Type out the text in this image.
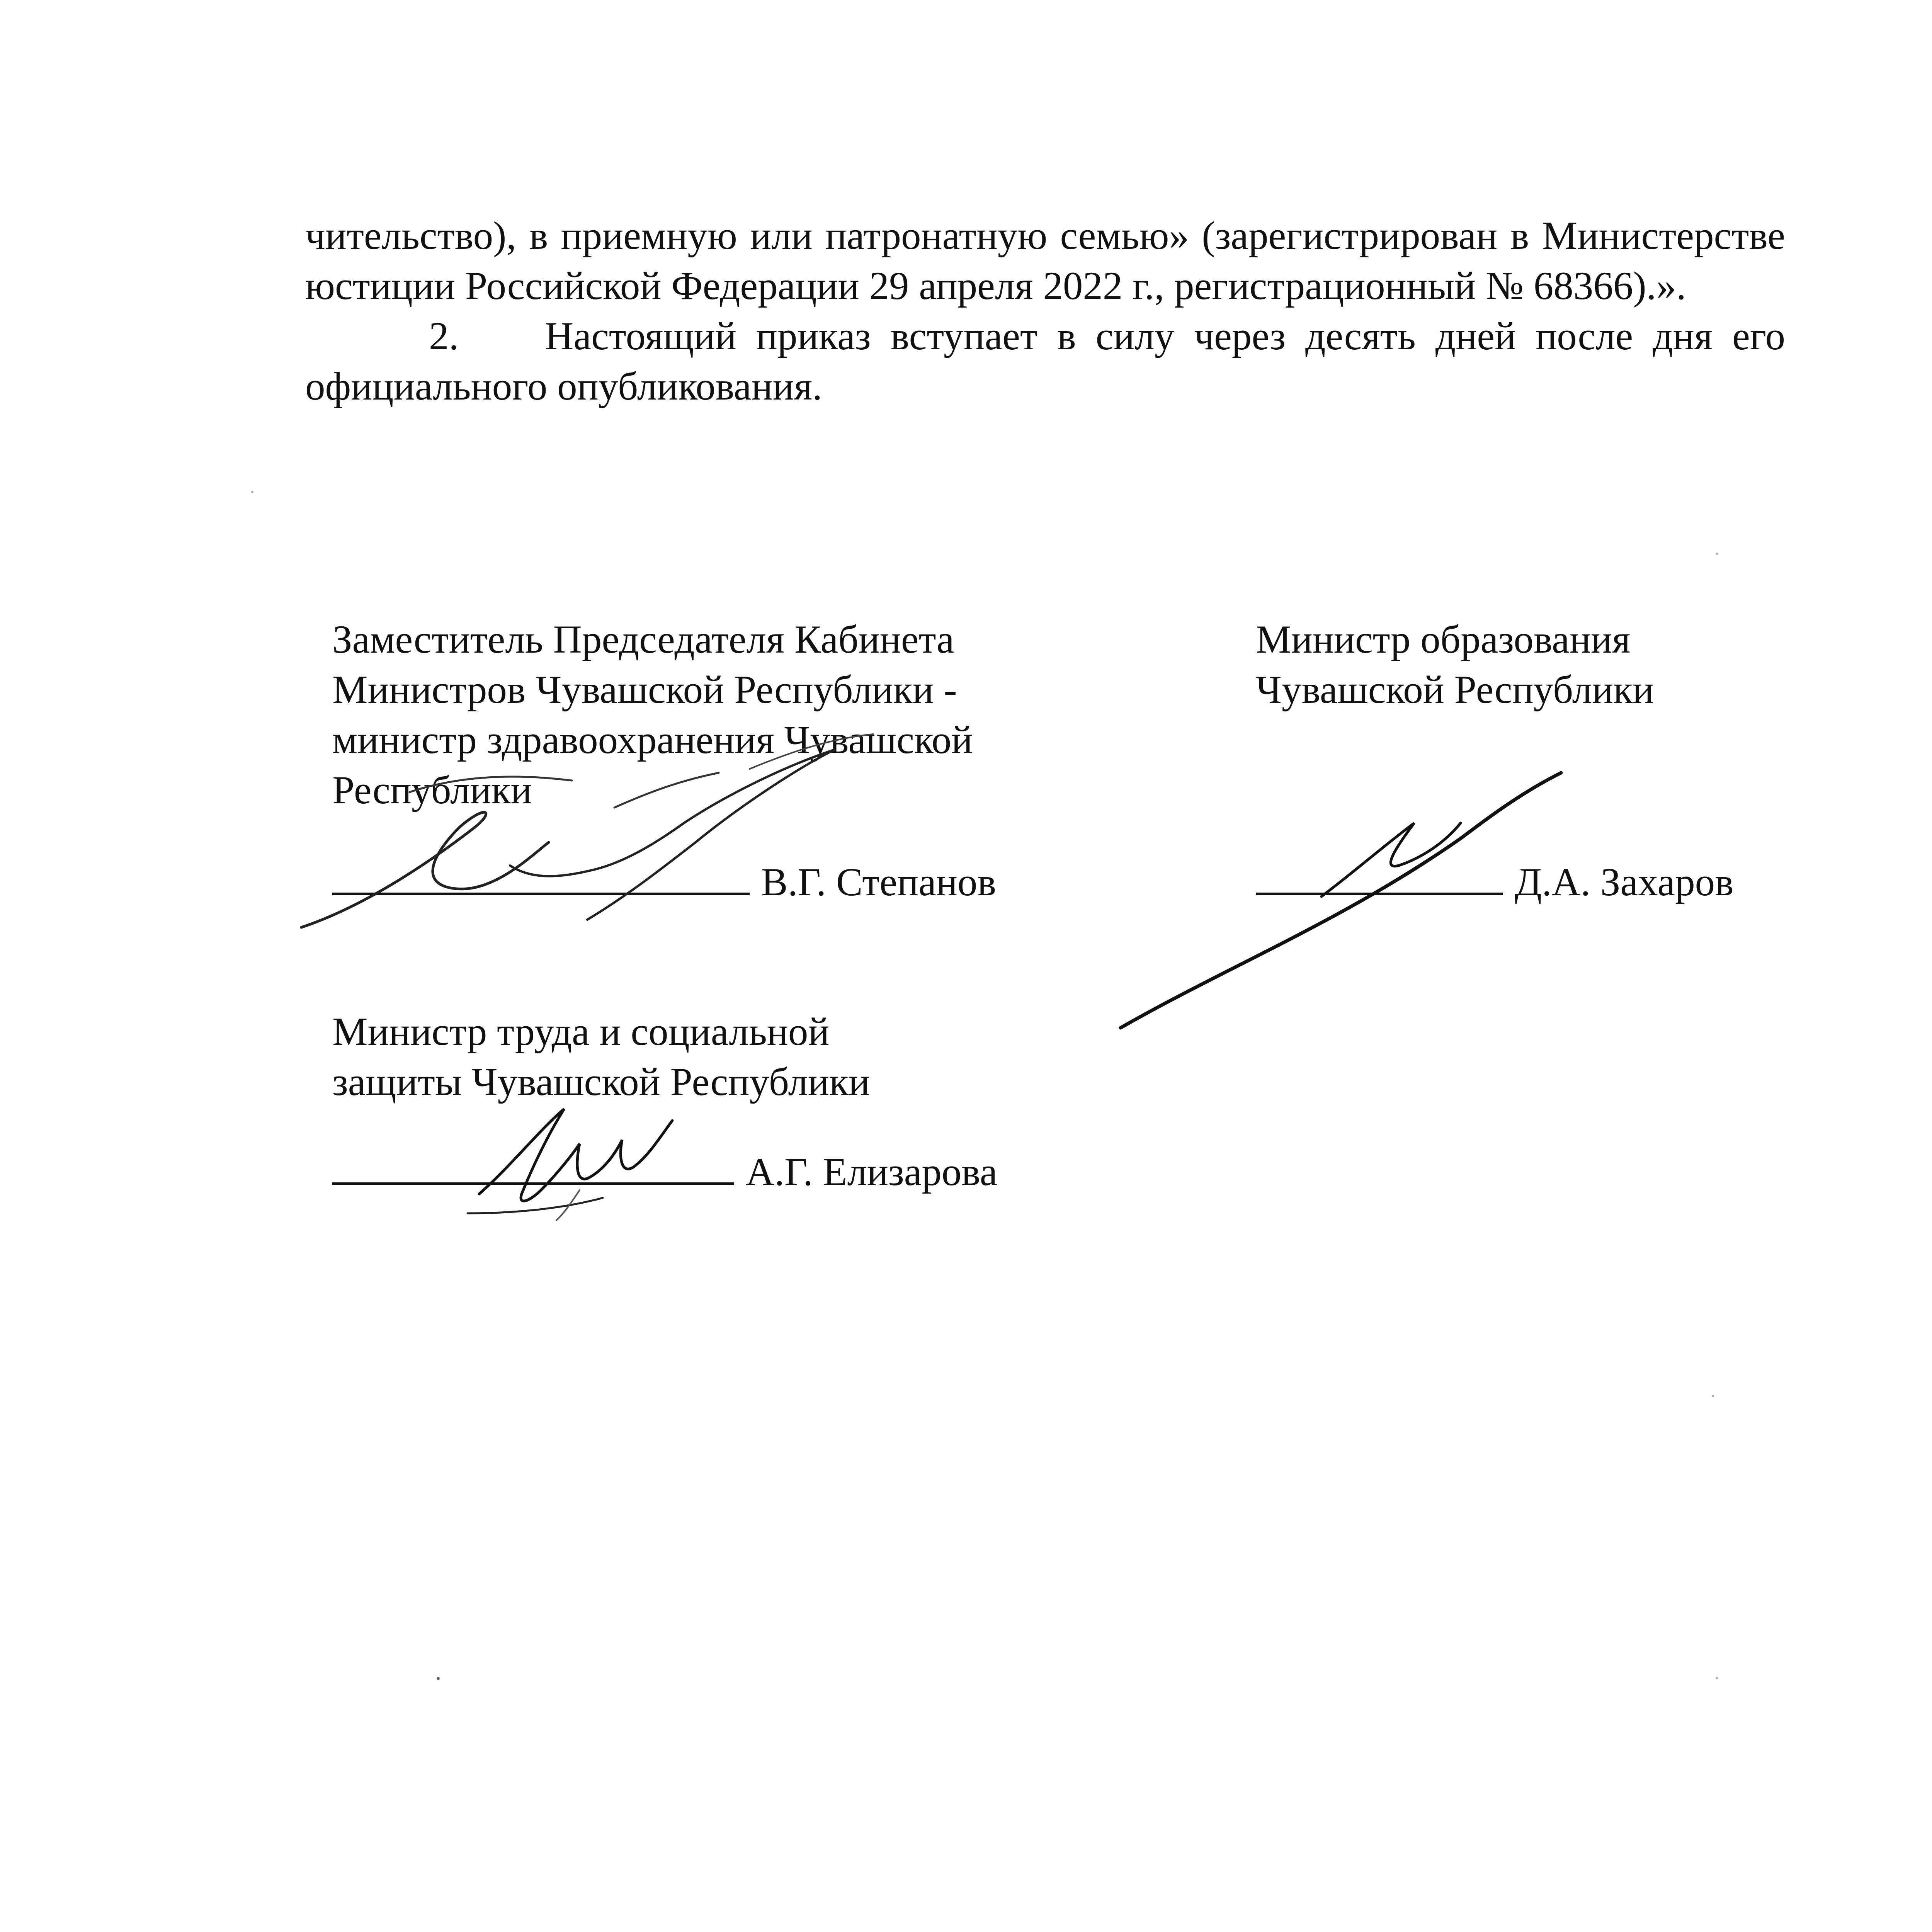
чительство), в приемную или патронатную семью» (зарегистрирован в Министерстве юстиции Российской Федерации 29 апреля 2022 г., регистрационный № 68366).».

2. Настоящий приказ вступает в силу через десять дней после дня его официального опубликования.

Заместитель Председателя Кабинета
Министров Чувашской Республики -
министр здравоохранения Чувашской
Республики
В.Г. Степанов
Министр образования
Чувашской Республики
Д.А. Захаров
Министр труда и социальной
защиты Чувашской Республики
А.Г. Елизарова
